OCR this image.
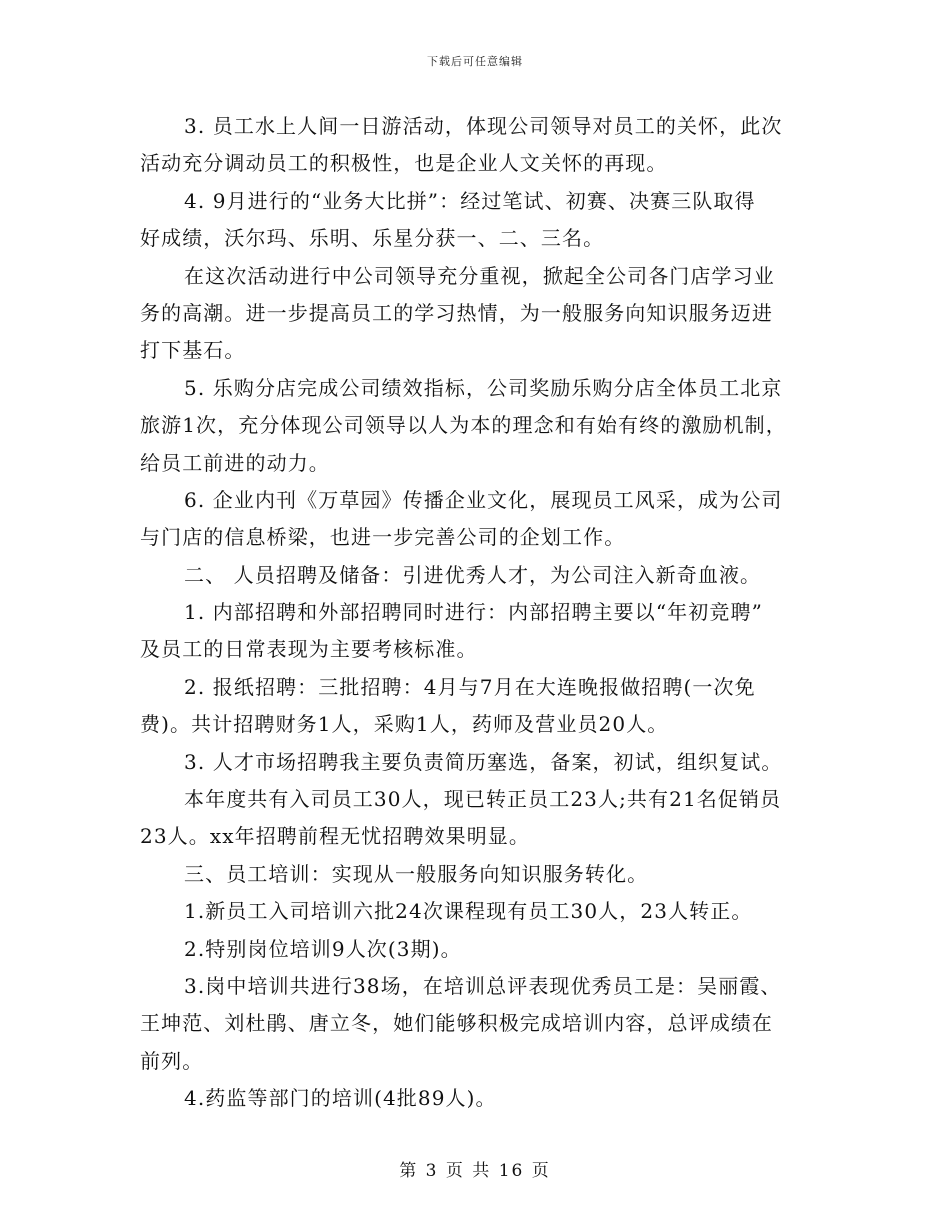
下载后可任意编辑
3. 员工水上人间一日游活动，体现公司领导对员工的关怀，此次
活动充分调动员工的积极性，也是企业人文关怀的再现。
4. 9月进行的“业务大比拼”：经过笔试、初赛、决赛三队取得
好成绩，沃尔玛、乐明、乐星分获一、二、三名。
在这次活动进行中公司领导充分重视，掀起全公司各门店学习业
务的高潮。进一步提高员工的学习热情，为一般服务向知识服务迈进
打下基石。
5. 乐购分店完成公司绩效指标，公司奖励乐购分店全体员工北京
旅游1次，充分体现公司领导以人为本的理念和有始有终的激励机制，
给员工前进的动力。
6. 企业内刊《万草园》传播企业文化，展现员工风采，成为公司
与门店的信息桥梁，也进一步完善公司的企划工作。
二、 人员招聘及储备：引进优秀人才，为公司注入新奇血液。
1. 内部招聘和外部招聘同时进行：内部招聘主要以“年初竞聘”
及员工的日常表现为主要考核标准。
2. 报纸招聘：三批招聘：4月与7月在大连晚报做招聘(一次免
费)。共计招聘财务1人，采购1人，药师及营业员20人。
3. 人才市场招聘我主要负责简历塞选，备案，初试，组织复试。
本年度共有入司员工30人，现已转正员工23人;共有21名促销员
23人。xx年招聘前程无忧招聘效果明显。
三、员工培训：实现从一般服务向知识服务转化。
1.新员工入司培训六批24次课程现有员工30人，23人转正。
2.特别岗位培训9人次(3期)。
3.岗中培训共进行38场，在培训总评表现优秀员工是：吴丽霞、
王坤范、刘杜鹃、唐立冬，她们能够积极完成培训内容，总评成绩在
前列。
4.药监等部门的培训(4批89人)。
第 3 页 共 16 页
